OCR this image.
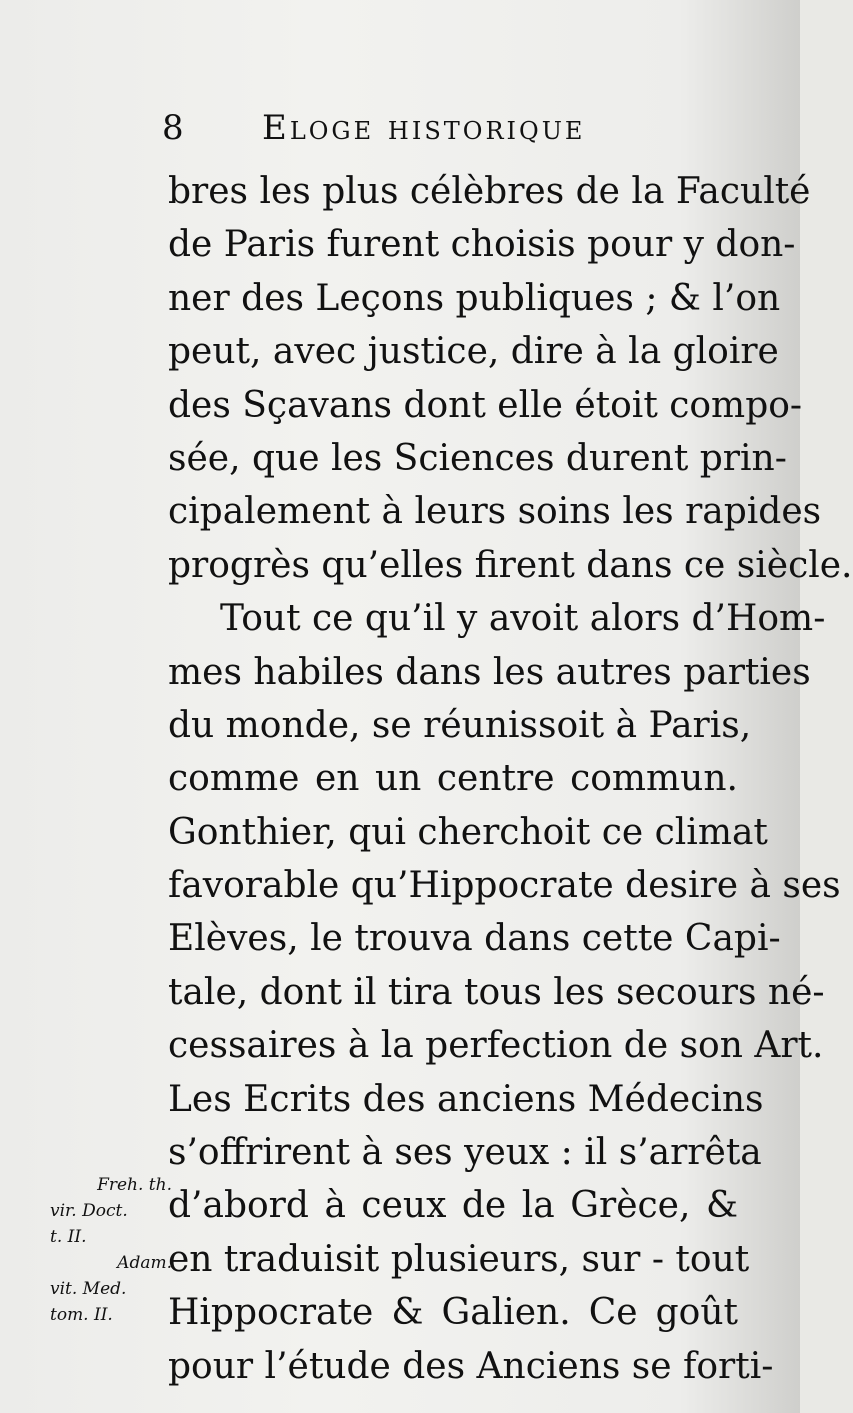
8 Eloge historique
bres les plus célèbres de la Faculté
de Paris furent choisis pour y don-
ner des Leçons publiques ; & l’on
peut, avec justice, dire à la gloire
des Sçavans dont elle étoit compo-
sée, que les Sciences durent prin-
cipalement à leurs soins les rapides
progrès qu’elles firent dans ce siècle.
Tout ce qu’il y avoit alors d’Hom-
mes habiles dans les autres parties
du monde, se réunissoit à Paris,
comme en un centre commun.
Gonthier, qui cherchoit ce climat
favorable qu’Hippocrate desire à ses
Elèves, le trouva dans cette Capi-
tale, dont il tira tous les secours né-
cessaires à la perfection de son Art.
Les Ecrits des anciens Médecins
s’offrirent à ses yeux : il s’arrêta
d’abord à ceux de la Grèce, &
en traduisit plusieurs, sur - tout
Hippocrate & Galien. Ce goût
pour l’étude des Anciens se forti-
Freh. th.
vir. Doct.
t. II.
Adam.
vit. Med.
tom. II.
